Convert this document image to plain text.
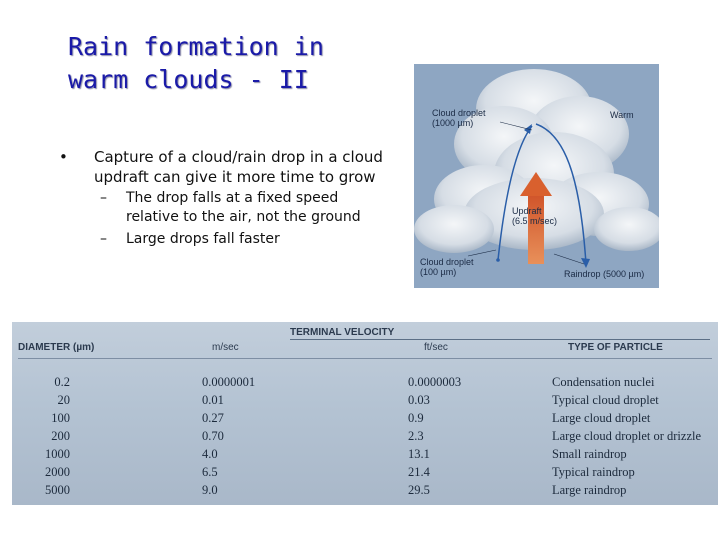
Rain formation in
warm clouds - II
• Capture of a cloud/rain drop in a cloud updraft can give it more time to grow
– The drop falls at a fixed speed relative to the air, not the ground
– Large drops fall faster
Cloud droplet
(1000 µm)
Warm
Updraft
(6.5 m/sec)
Cloud droplet
(100 µm)	Raindrop (5000 µm)
TERMINAL VELOCITY
DIAMETER (µm)	m/sec	ft/sec	TYPE OF PARTICLE
0.2	0.0000001	0.0000003	Condensation nuclei
20	0.01	0.03	Typical cloud droplet
100	0.27	0.9	Large cloud droplet
200	0.70	2.3	Large cloud droplet or drizzle
1000	4.0	13.1	Small raindrop
2000	6.5	21.4	Typical raindrop
5000	9.0	29.5	Large raindrop
